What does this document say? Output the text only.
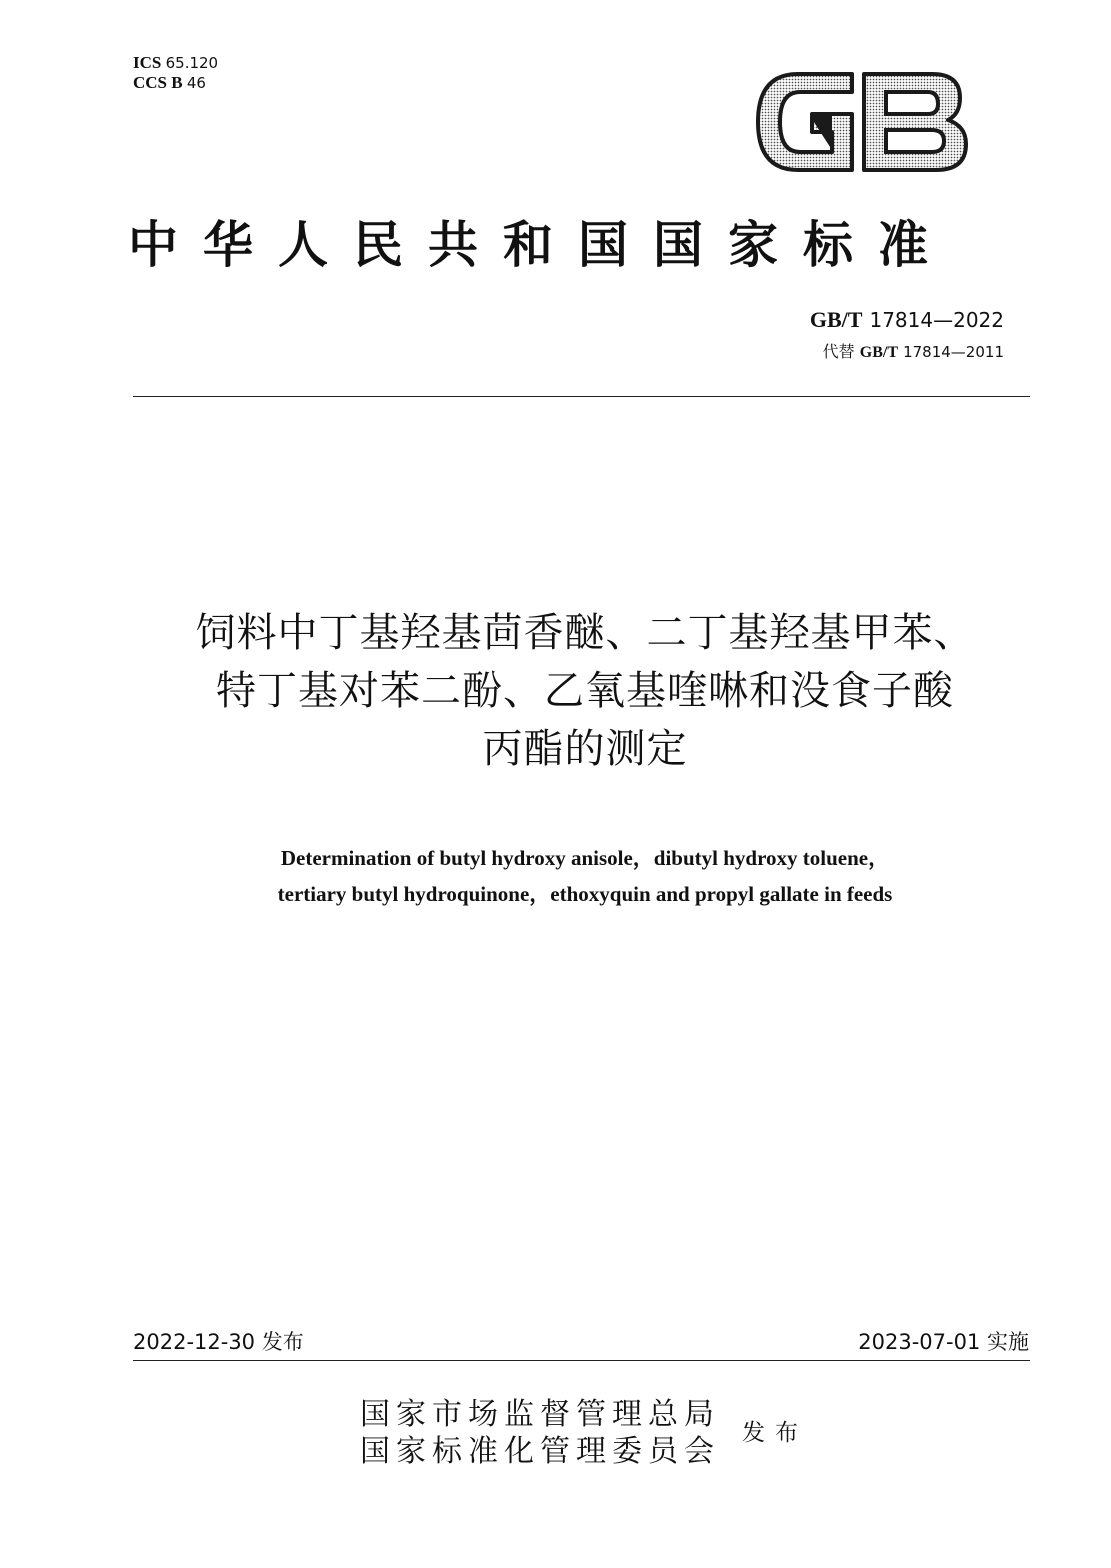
ICS 65.120
CCS B 46
中华人民共和国国家标准
GB/T 17814—2022
代替 GB/T 17814—2011
饲料中丁基羟基茴香醚、二丁基羟基甲苯、
特丁基对苯二酚、乙氧基喹啉和没食子酸
丙酯的测定
Determination of butyl hydroxy anisole，dibutyl hydroxy toluene，
tertiary butyl hydroquinone，ethoxyquin and propyl gallate in feeds
2022-12-30 发布	2023-07-01 实施
国家市场监督管理总局
国家标准化管理委员会
发布
